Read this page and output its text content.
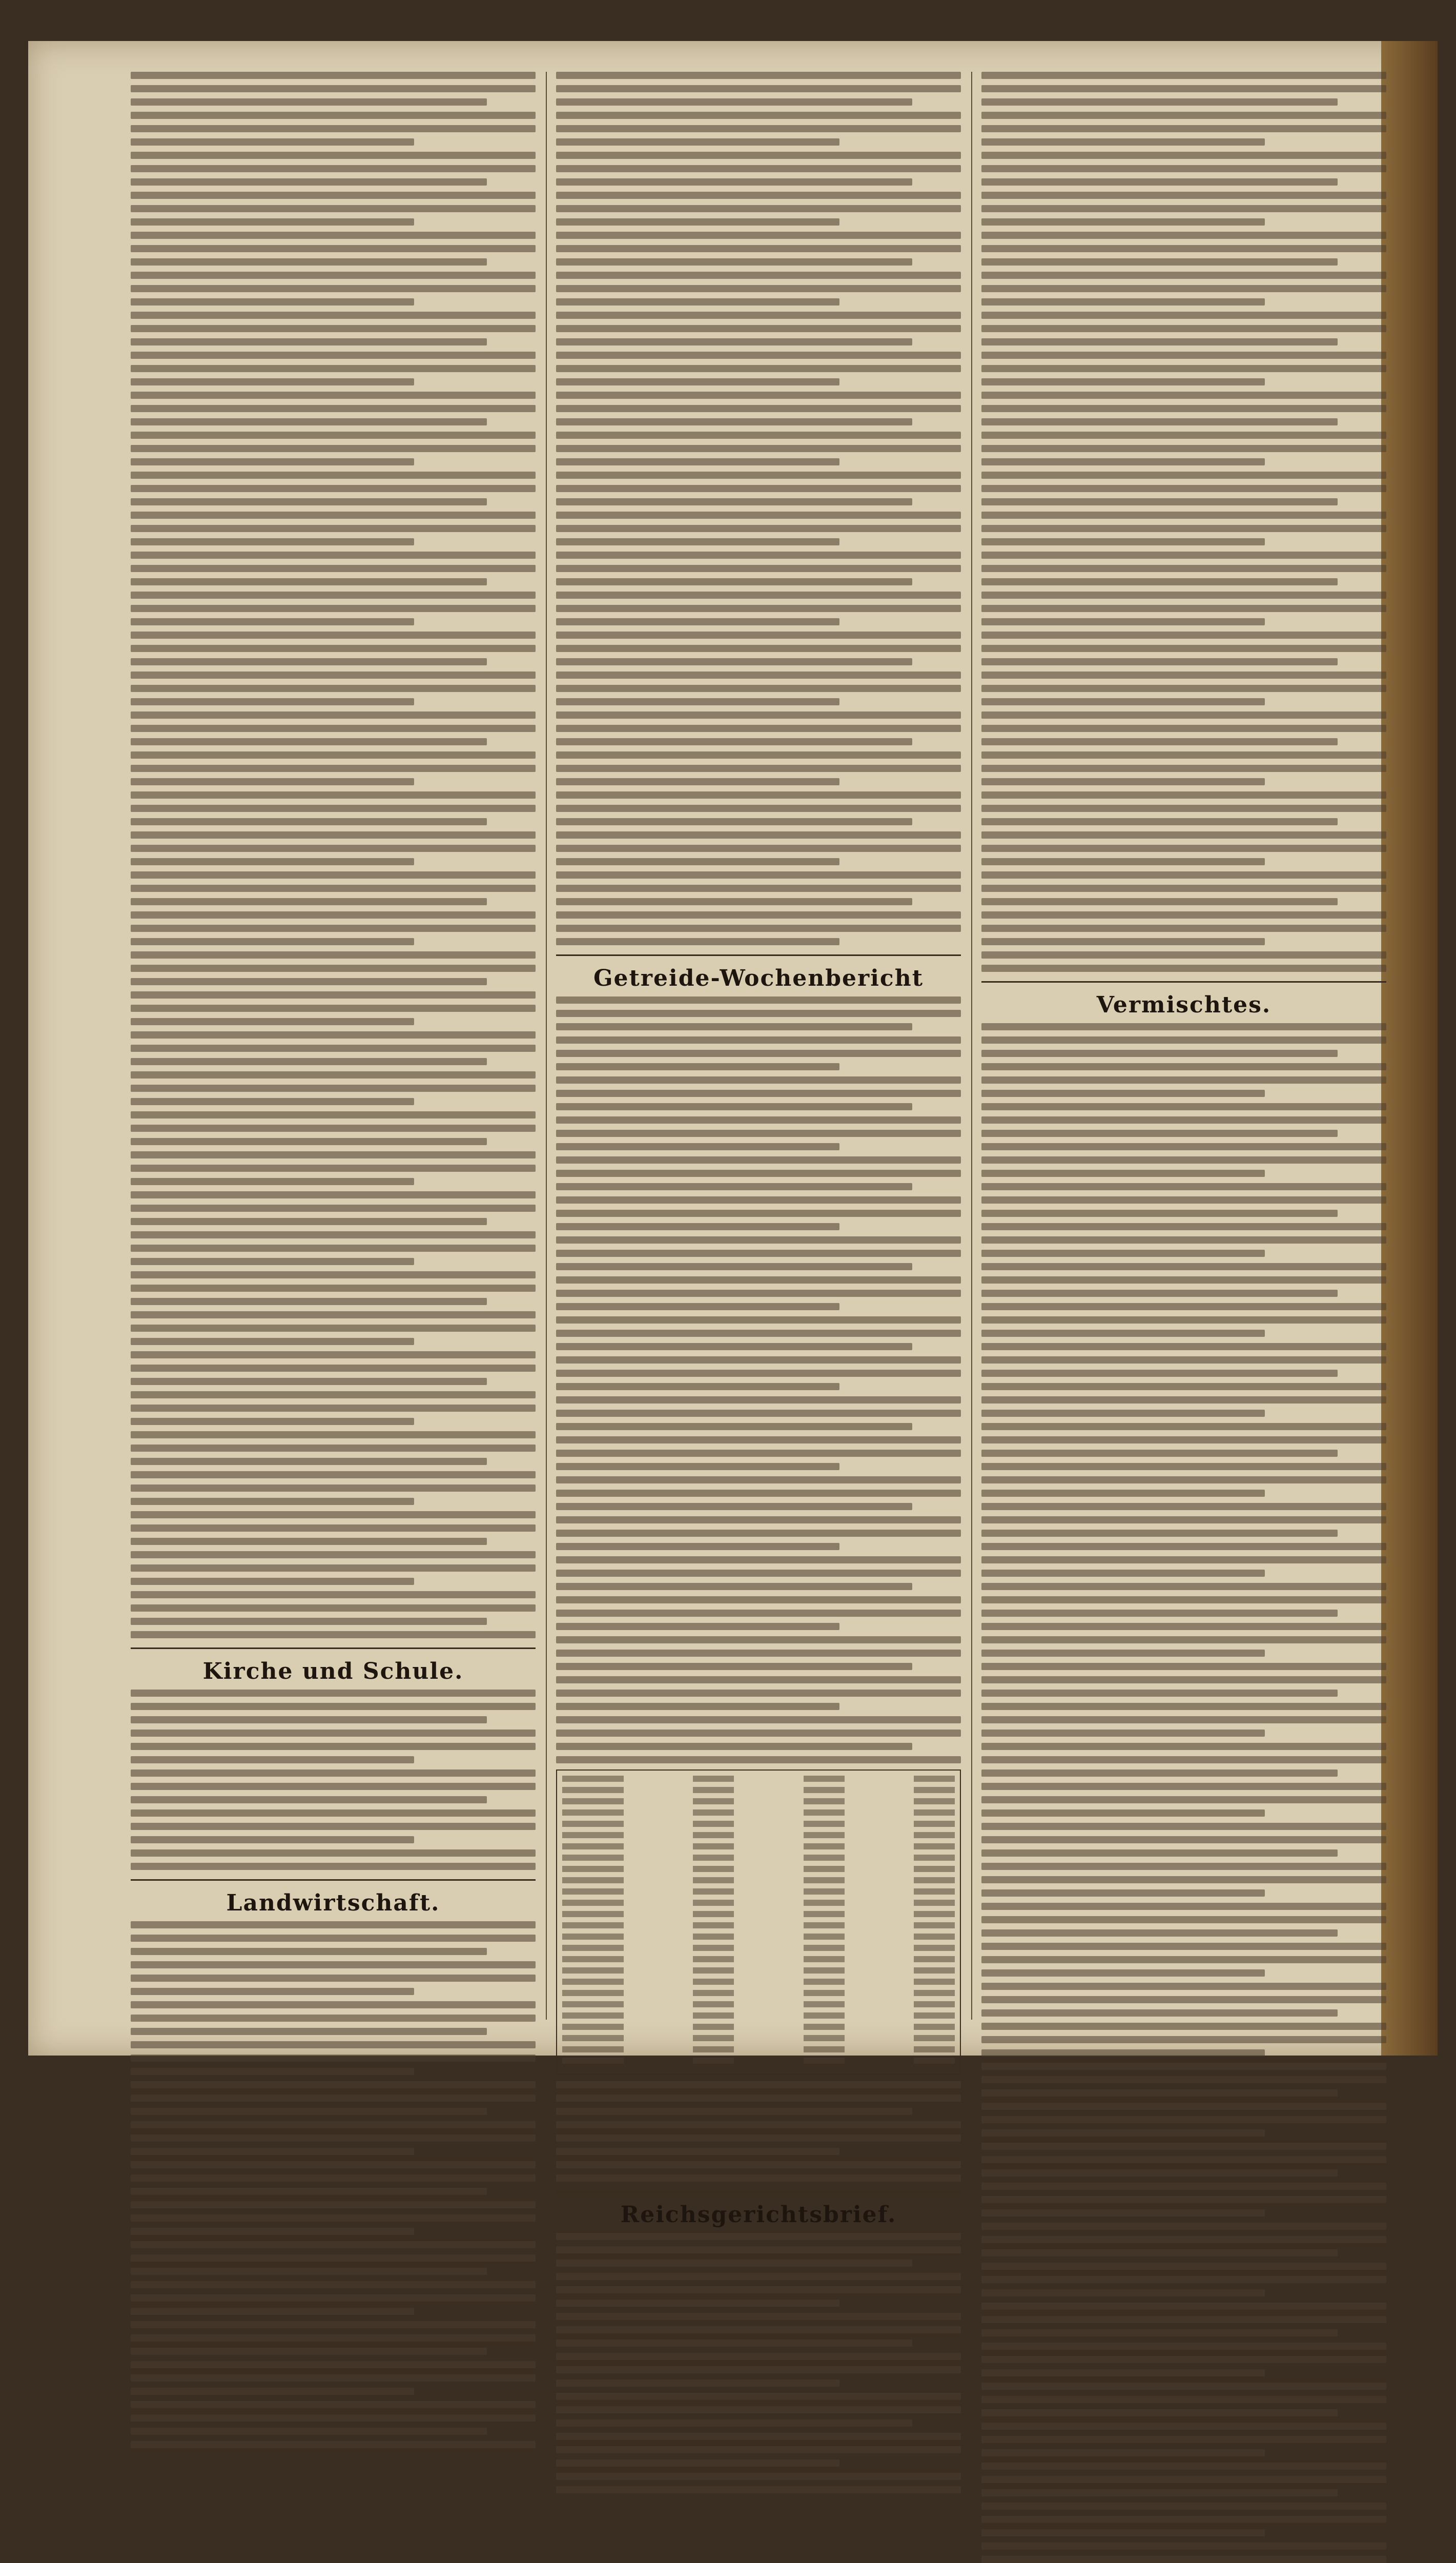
Kirche und Schule.
Landwirtschaft.
Getreide-Wochenbericht
Reichsgerichtsbrief.
Vermischtes.
